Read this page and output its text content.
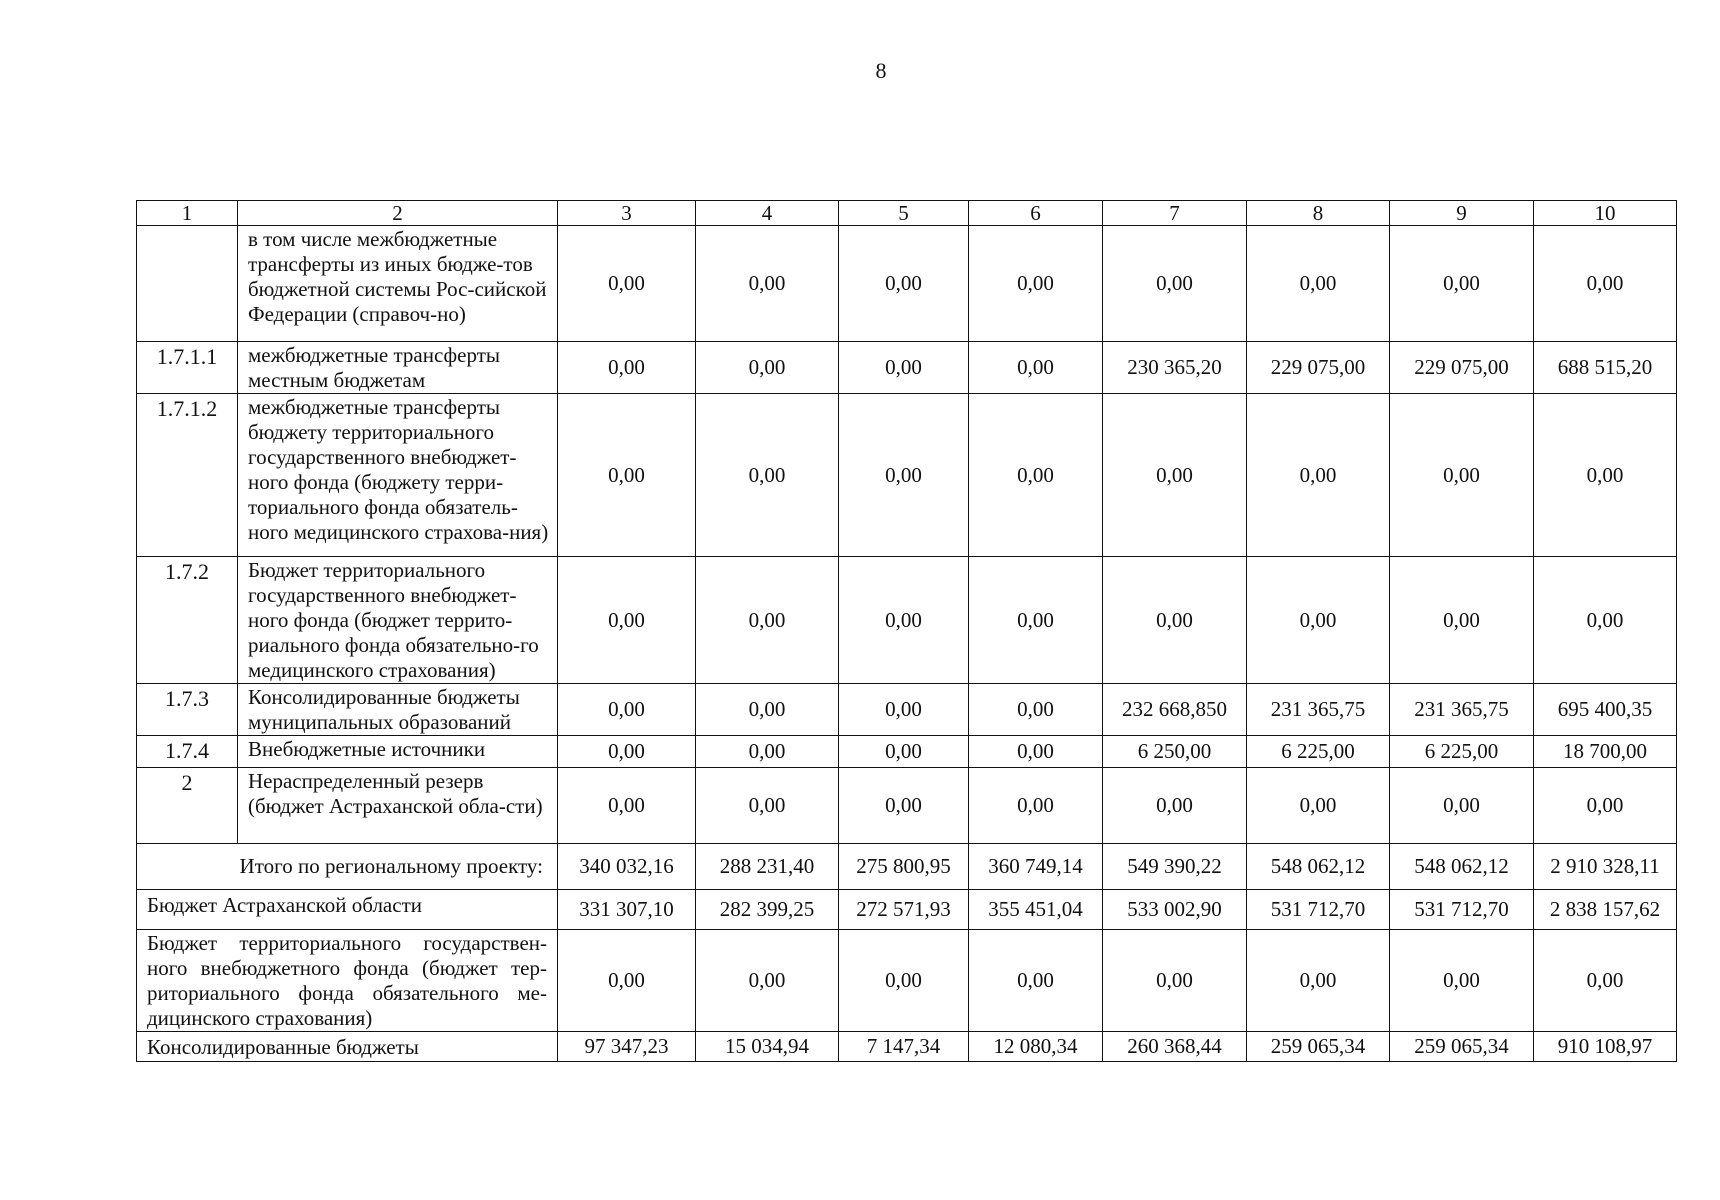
8
1	2	3	4	5	6	7	8	9	10
	в том числе межбюджетные трансферты из иных бюдже-тов бюджетной системы Рос-сийской Федерации (справоч-но)	0,00	0,00	0,00	0,00	0,00	0,00	0,00	0,00
1.7.1.1	межбюджетные трансферты местным бюджетам	0,00	0,00	0,00	0,00	230 365,20	229 075,00	229 075,00	688 515,20
1.7.1.2	межбюджетные трансферты бюджету территориального государственного внебюджет-ного фонда (бюджету терри-ториального фонда обязатель-ного медицинского страхова-ния)	0,00	0,00	0,00	0,00	0,00	0,00	0,00	0,00
1.7.2	Бюджет территориального государственного внебюджет-ного фонда (бюджет террито-риального фонда обязательно-го медицинского страхования)	0,00	0,00	0,00	0,00	0,00	0,00	0,00	0,00
1.7.3	Консолидированные бюджеты муниципальных образований	0,00	0,00	0,00	0,00	232 668,850	231 365,75	231 365,75	695 400,35
1.7.4	Внебюджетные источники	0,00	0,00	0,00	0,00	6 250,00	6 225,00	6 225,00	18 700,00
2	Нераспределенный резерв (бюджет Астраханской обла-сти)	0,00	0,00	0,00	0,00	0,00	0,00	0,00	0,00
Итого по региональному проекту:		340 032,16	288 231,40	275 800,95	360 749,14	549 390,22	548 062,12	548 062,12	2 910 328,11
Бюджет Астраханской области		331 307,10	282 399,25	272 571,93	355 451,04	533 002,90	531 712,70	531 712,70	2 838 157,62
Бюджет территориального государствен-ного внебюджетного фонда (бюджет тер-риториального фонда обязательного ме-дицинского страхования)		0,00	0,00	0,00	0,00	0,00	0,00	0,00	0,00
Консолидированные бюджеты		97 347,23	15 034,94	7 147,34	12 080,34	260 368,44	259 065,34	259 065,34	910 108,97
